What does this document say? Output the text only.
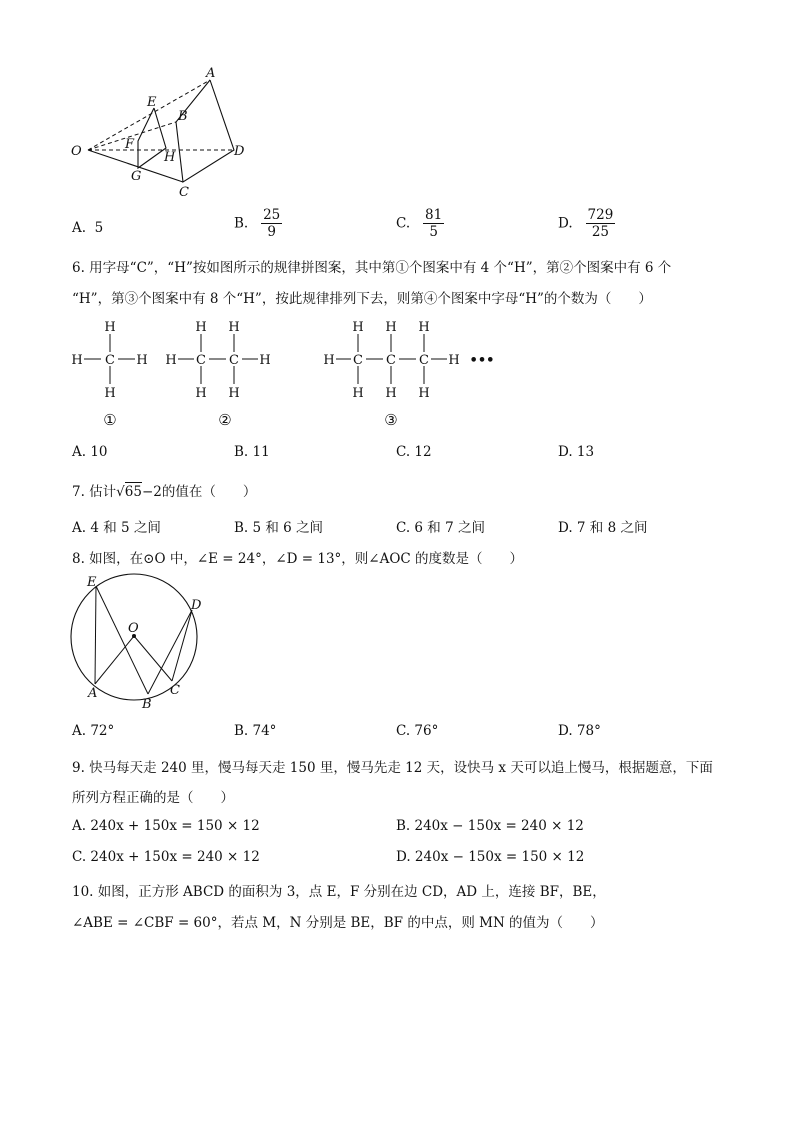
A
E
B
O	F
H	D
G
C
A. 5	B. $\frac{25}{9}$	C. $\frac{81}{5}$	D. $\frac{729}{25}$
6. 用字母“C”，“H”按如图所示的规律拼图案，其中第①个图案中有 4 个“H”，第②个图案中有 6 个
“H”，第③个图案中有 8 个“H”，按此规律排列下去，则第④个图案中字母“H”的个数为（　　）
H
H C H
H
H H
H C C H
H H
H H H
H C C C H
H H H
•••
①	②	③
A. 10	B. 11	C. 12	D. 13
7. 估计√65−2的值在（　　）
A. 4 和 5 之间	B. 5 和 6 之间	C. 6 和 7 之间	D. 7 和 8 之间
8. 如图，在⊙O 中，∠E = 24°，∠D = 13°，则∠AOC 的度数是（　　）
E
D
O
A
B
C
A. 72°	B. 74°	C. 76°	D. 78°
9. 快马每天走 240 里，慢马每天走 150 里，慢马先走 12 天，设快马 x 天可以追上慢马，根据题意，下面
所列方程正确的是（　　）
A. 240x + 150x = 150 × 12	B. 240x − 150x = 240 × 12
C. 240x + 150x = 240 × 12	D. 240x − 150x = 150 × 12
10. 如图，正方形 ABCD 的面积为 3，点 E，F 分别在边 CD，AD 上，连接 BF，BE，
∠ABE = ∠CBF = 60°，若点 M，N 分别是 BE，BF 的中点，则 MN 的值为（　　）
